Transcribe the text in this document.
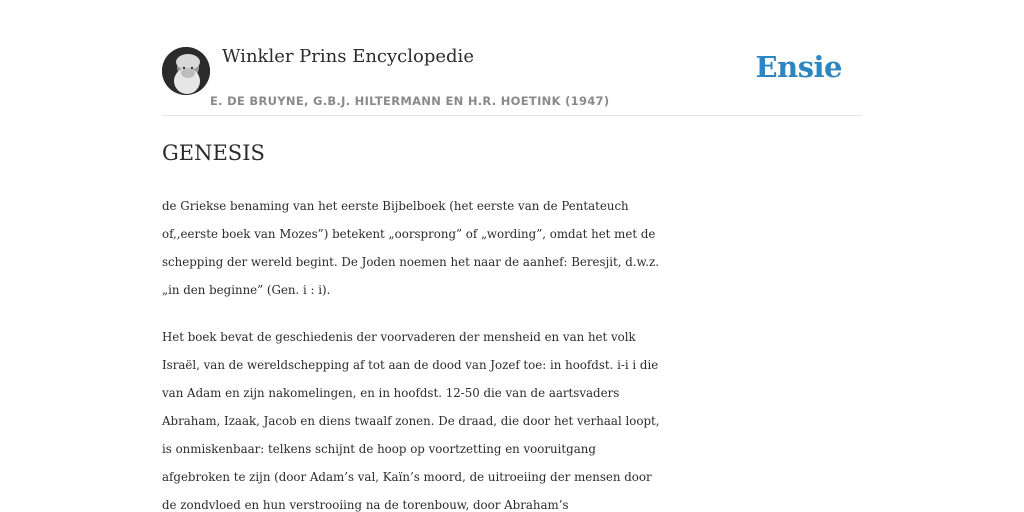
Winkler Prins Encyclopedie
E. DE BRUYNE, G.B.J. HILTERMANN EN H.R. HOETINK (1947)
Ensie
GENESIS

de Griekse benaming van het eerste Bijbelboek (het eerste van de Pentateuch
of,,eerste boek van Mozes”) betekent „oorsprong” of „wording”, omdat het met de
schepping der wereld begint. De Joden noemen het naar de aanhef: Beresjit, d.w.z.
„in den beginne” (Gen. i : i).

Het boek bevat de geschiedenis der voorvaderen der mensheid en van het volk
Israël, van de wereldschepping af tot aan de dood van Jozef toe: in hoofdst. i-i i die
van Adam en zijn nakomelingen, en in hoofdst. 12-50 die van de aartsvaders
Abraham, Izaak, Jacob en diens twaalf zonen. De draad, die door het verhaal loopt,
is onmiskenbaar: telkens schijnt de hoop op voortzetting en vooruitgang
afgebroken te zijn (door Adam’s val, Kaïn’s moord, de uitroeiing der mensen door
de zondvloed en hun verstrooiing na de torenbouw, door Abraham’s
